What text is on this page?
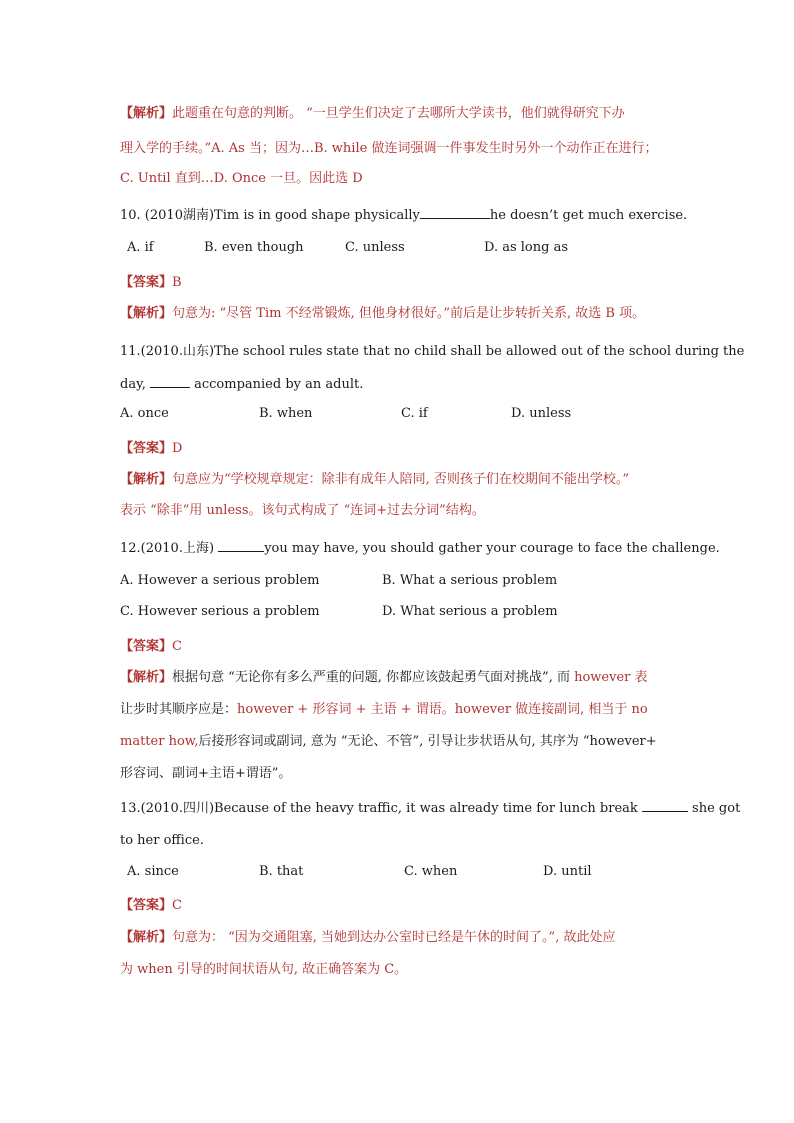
【解析】此题重在句意的判断。 “一旦学生们决定了去哪所大学读书，他们就得研究下办
理入学的手续。”A. As 当；因为…B. while 做连词强调一件事发生时另外一个动作正在进行；
C. Until 直到…D. Once 一旦。因此选 D
10. (2010湖南)Tim is in good shape physically	he doesn’t get much exercise.
A. if	B. even though	C. unless	D. as long as
【答案】B
【解析】句意为: “尽管 Tim 不经常锻炼, 但他身材很好。”前后是让步转折关系, 故选 B 项。
11.(2010.山东)The school rules state that no child shall be allowed out of the school during the
day,	accompanied by an adult.
A. once	B. when	C. if	D. unless
【答案】D
【解析】句意应为“学校规章规定：除非有成年人陪同, 否则孩子们在校期间不能出学校。”
表示 “除非”用 unless。该句式构成了 “连词+过去分词”结构。
12.(2010.上海)	you may have, you should gather your courage to face the challenge.
A. However a serious problem	B. What a serious problem
C. However serious a problem	D. What serious a problem
【答案】C
【解析】根据句意 “无论你有多么严重的问题, 你都应该鼓起勇气面对挑战”, 而 however 表
让步时其顺序应是：however + 形容词 + 主语 + 谓语。however 做连接副词, 相当于 no
matter how,后接形容词或副词, 意为 “无论、不管”, 引导让步状语从句, 其序为 “however+
形容词、副词+主语+谓语”。
13.(2010.四川)Because of the heavy traffic, it was already time for lunch break	she got
to her office.
A. since	B. that	C. when	D. until
【答案】C
【解析】句意为： “因为交通阻塞, 当她到达办公室时已经是午休的时间了。”, 故此处应
为 when 引导的时间状语从句, 故正确答案为 C。
